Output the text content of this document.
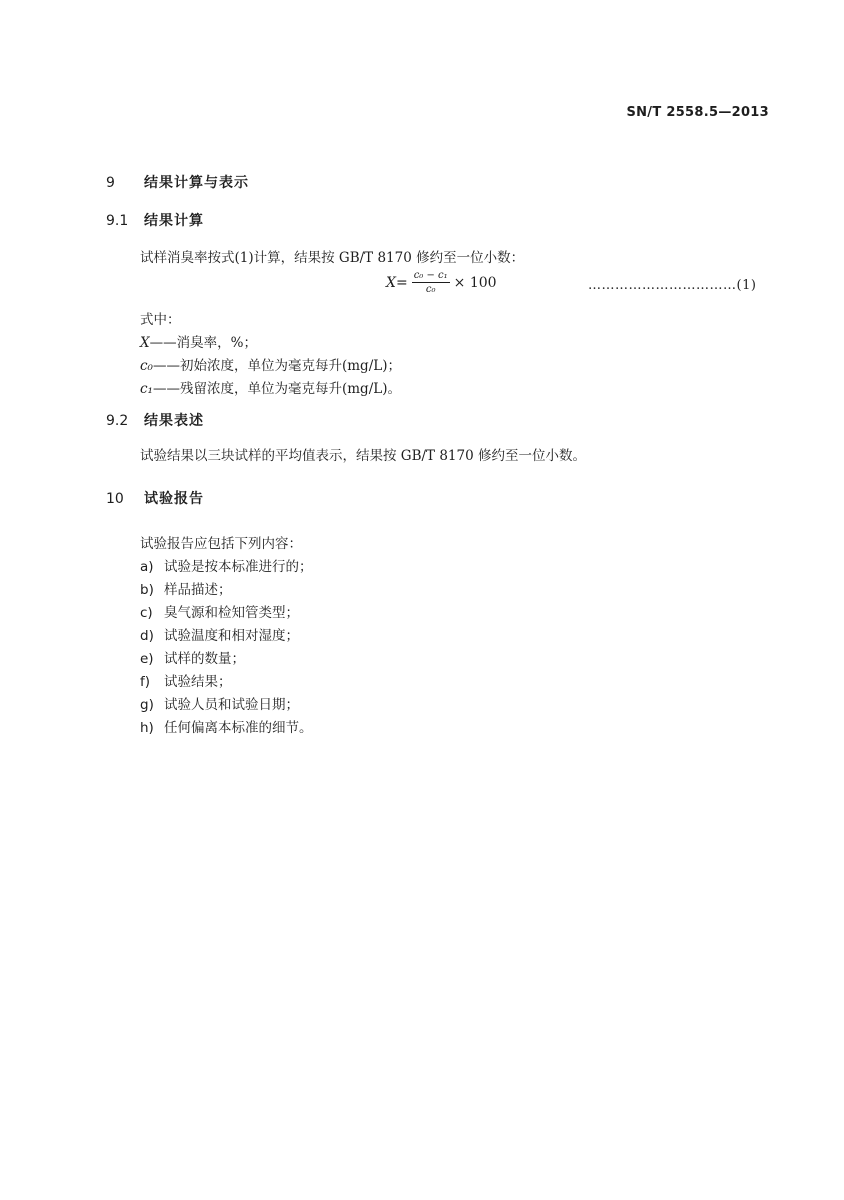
SN/T 2558.5—2013
9 结果计算与表示
9.1 结果计算
试样消臭率按式(1)计算，结果按 GB/T 8170 修约至一位小数：
$X = \frac{\text{c₀ − c₁}}{\text{c₀}} \times 100$	……………………………(1)
式中：
X——消臭率，%；
c₀——初始浓度，单位为毫克每升(mg/L)；
c₁——残留浓度，单位为毫克每升(mg/L)。
9.2 结果表述
试验结果以三块试样的平均值表示，结果按 GB/T 8170 修约至一位小数。
10 试验报告
试验报告应包括下列内容：
a) 试验是按本标准进行的；
b) 样品描述；
c) 臭气源和检知管类型；
d) 试验温度和相对湿度；
e) 试样的数量；
f) 试验结果；
g) 试验人员和试验日期；
h) 任何偏离本标准的细节。
